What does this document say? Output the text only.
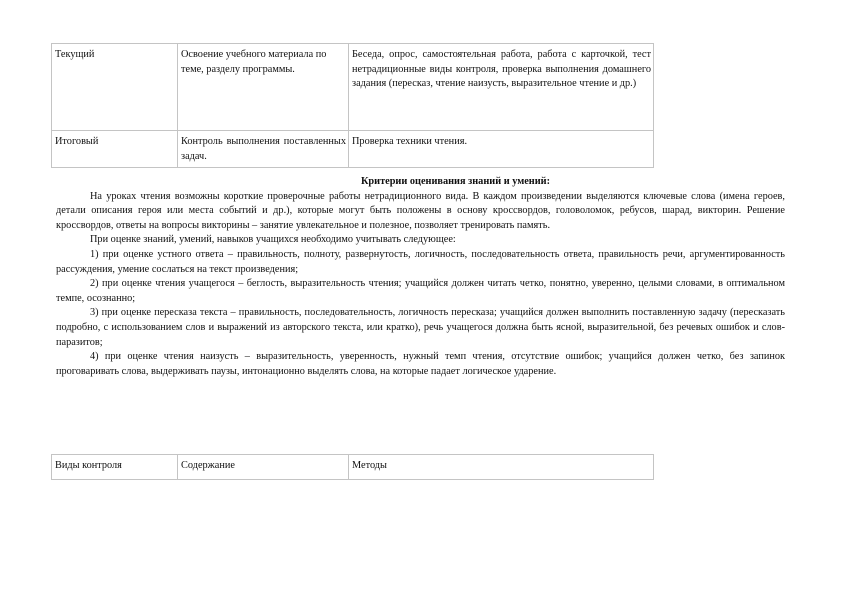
Текущий	Освоение учебного материала по теме, разделу программы.	Беседа, опрос, самостоятельная работа, работа с карточкой, тест нетрадиционные виды контроля, проверка выполнения домашнего задания (пересказ, чтение наизусть, выразительное чтение и др.)
Итоговый	Контроль выполнения поставленных задач.	Проверка техники чтения.
Критерии оценивания знаний и умений:

На уроках чтения возможны короткие проверочные работы нетрадиционного вида. В каждом произведении выделяются ключевые слова (имена героев, детали описания героя или места событий и др.), которые могут быть положены в основу кроссвордов, головоломок, ребусов, шарад, викторин. Решение кроссвордов, ответы на вопросы викторины – занятие увлекательное и полезное, позволяет тренировать память.

При оценке знаний, умений, навыков учащихся необходимо учитывать следующее:

1) при оценке устного ответа – правильность, полноту, развернутость, логичность, последовательность ответа, правильность речи, аргументированность рассуждения, умение сослаться на текст произведения;

2) при оценке чтения учащегося – беглость, выразительность чтения; учащийся должен читать четко, понятно, уверенно, целыми словами, в оптимальном темпе, осознанно;

3) при оценке пересказа текста – правильность, последовательность, логичность пересказа; учащийся должен выполнить поставленную задачу (пересказать подробно, с использованием слов и выражений из авторского текста, или кратко), речь учащегося должна быть ясной, выразительной, без речевых ошибок и слов-паразитов;

4) при оценке чтения наизусть – выразительность, уверенность, нужный темп чтения, отсутствие ошибок; учащийся должен четко, без запинок проговаривать слова, выдерживать паузы, интонационно выделять слова, на которые падает логическое ударение.

Виды контроля	Содержание	Методы
